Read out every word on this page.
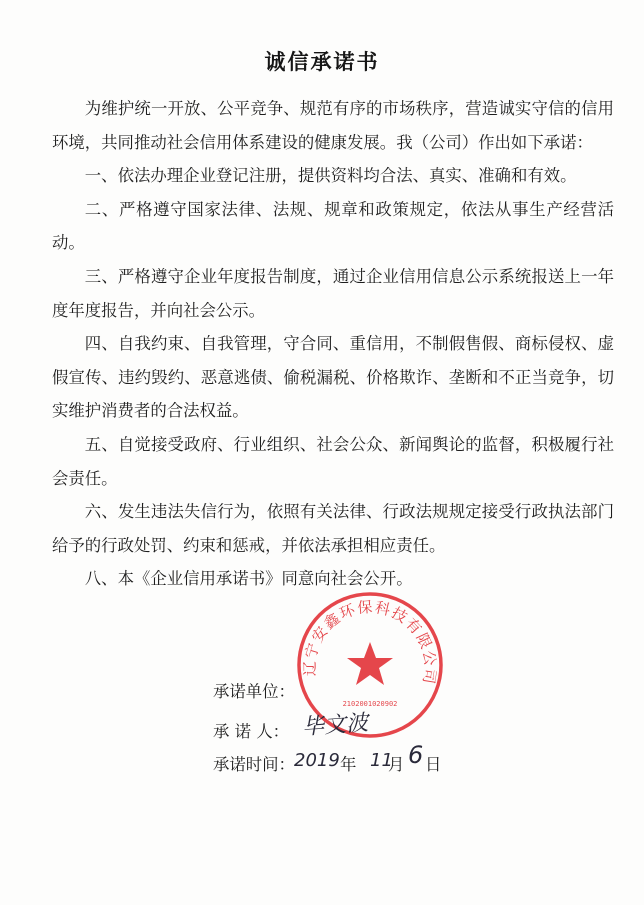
诚信承诺书

为维护统一开放、公平竞争、规范有序的市场秩序，营造诚实守信的信用环境，共同推动社会信用体系建设的健康发展。我（公司）作出如下承诺：

一、依法办理企业登记注册，提供资料均合法、真实、准确和有效。

二、严格遵守国家法律、法规、规章和政策规定，依法从事生产经营活动。

三、严格遵守企业年度报告制度，通过企业信用信息公示系统报送上一年度年度报告，并向社会公示。

四、自我约束、自我管理，守合同、重信用，不制假售假、商标侵权、虚假宣传、违约毁约、恶意逃债、偷税漏税、价格欺诈、垄断和不正当竞争，切实维护消费者的合法权益。

五、自觉接受政府、行业组织、社会公众、新闻舆论的监督，积极履行社会责任。

六、发生违法失信行为，依照有关法律、行政法规规定接受行政执法部门给予的行政处罚、约束和惩戒，并依法承担相应责任。

八、本《企业信用承诺书》同意向社会公开。

辽宁安鑫环保科技有限公司
2102001020902
承诺单位：
承 诺 人：
承诺时间：
毕文波
2019 年 11
月 6 日
